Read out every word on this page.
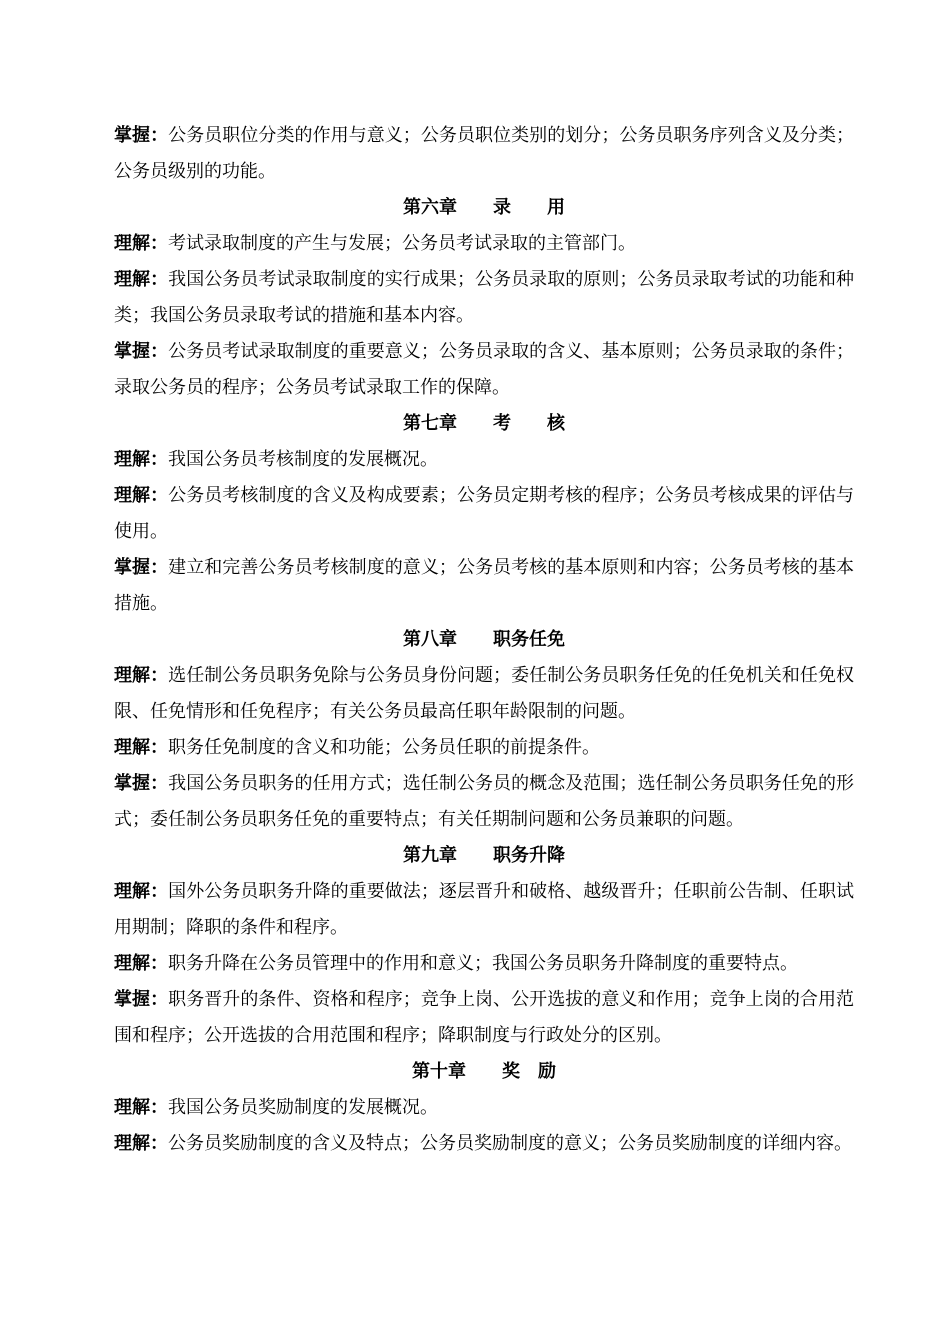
掌握：公务员职位分类的作用与意义；公务员职位类别的划分；公务员职务序列含义及分类；公务员级别的功能。

第六章　　录　　用

理解：考试录取制度的产生与发展；公务员考试录取的主管部门。

理解：我国公务员考试录取制度的实行成果；公务员录取的原则；公务员录取考试的功能和种类；我国公务员录取考试的措施和基本内容。

掌握：公务员考试录取制度的重要意义；公务员录取的含义、基本原则；公务员录取的条件；录取公务员的程序；公务员考试录取工作的保障。

第七章　　考　　核

理解：我国公务员考核制度的发展概况。

理解：公务员考核制度的含义及构成要素；公务员定期考核的程序；公务员考核成果的评估与使用。

掌握：建立和完善公务员考核制度的意义；公务员考核的基本原则和内容；公务员考核的基本措施。

第八章　　职务任免

理解：选任制公务员职务免除与公务员身份问题；委任制公务员职务任免的任免机关和任免权限、任免情形和任免程序；有关公务员最高任职年龄限制的问题。

理解：职务任免制度的含义和功能；公务员任职的前提条件。

掌握：我国公务员职务的任用方式；选任制公务员的概念及范围；选任制公务员职务任免的形式；委任制公务员职务任免的重要特点；有关任期制问题和公务员兼职的问题。

第九章　　职务升降

理解：国外公务员职务升降的重要做法；逐层晋升和破格、越级晋升；任职前公告制、任职试用期制；降职的条件和程序。

理解：职务升降在公务员管理中的作用和意义；我国公务员职务升降制度的重要特点。

掌握：职务晋升的条件、资格和程序；竞争上岗、公开选拔的意义和作用；竞争上岗的合用范围和程序；公开选拔的合用范围和程序；降职制度与行政处分的区别。

第十章　　奖　励

理解：我国公务员奖励制度的发展概况。

理解：公务员奖励制度的含义及特点；公务员奖励制度的意义；公务员奖励制度的详细内容。
